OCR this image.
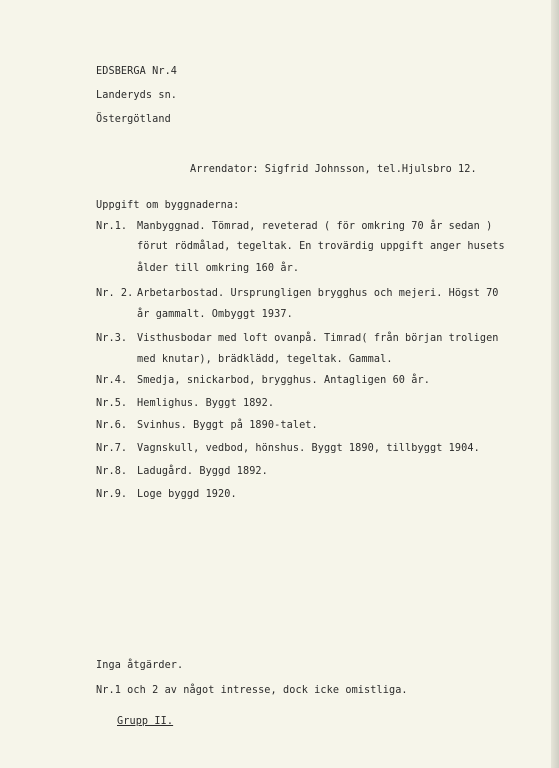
EDSBERGA Nr.4
Landeryds sn.
Östergötland
Arrendator: Sigfrid Johnsson, tel.Hjulsbro 12.
Uppgift om byggnaderna:
Nr.1. Manbyggnad. Tömrad, reveterad ( för omkring 70 år sedan )
förut rödmålad, tegeltak. En trovärdig uppgift anger husets
ålder till omkring 160 år.
Nr. 2. Arbetarbostad. Ursprungligen brygghus och mejeri. Högst 70
år gammalt. Ombyggt 1937.
Nr.3. Visthusbodar med loft ovanpå. Timrad( från början troligen
med knutar), brädklädd, tegeltak. Gammal.
Nr.4. Smedja, snickarbod, brygghus. Antagligen 60 år.
Nr.5. Hemlighus. Byggt 1892.
Nr.6. Svinhus. Byggt på 1890-talet.
Nr.7. Vagnskull, vedbod, hönshus. Byggt 1890, tillbyggt 1904.
Nr.8. Ladugård. Byggd 1892.
Nr.9. Loge byggd 1920.
Inga åtgärder.
Nr.1 och 2 av något intresse, dock icke omistliga.
Grupp II.
